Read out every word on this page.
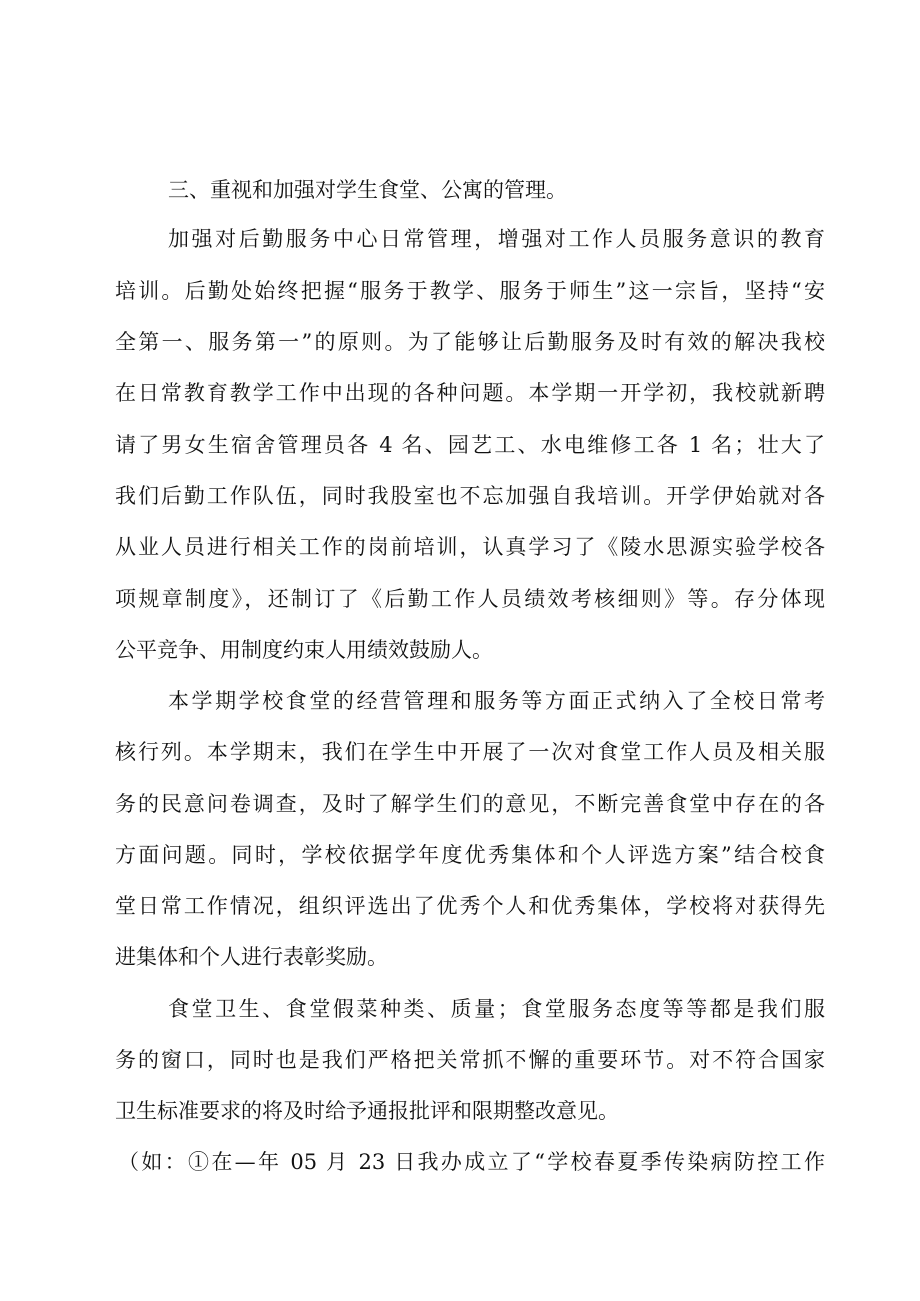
三、重视和加强对学生食堂、公寓的管理。
加强对后勤服务中心日常管理，增强对工作人员服务意识的教育
培训。后勤处始终把握“服务于教学、服务于师生”这一宗旨，坚持“安
全第一、服务第一”的原则。为了能够让后勤服务及时有效的解决我校
在日常教育教学工作中出现的各种问题。本学期一开学初，我校就新聘
请了男女生宿舍管理员各 4 名、园艺工、水电维修工各 1 名；壮大了
我们后勤工作队伍，同时我股室也不忘加强自我培训。开学伊始就对各
从业人员进行相关工作的岗前培训，认真学习了《陵水思源实验学校各
项规章制度》，还制订了《后勤工作人员绩效考核细则》等。存分体现
公平竞争、用制度约束人用绩效鼓励人。
本学期学校食堂的经营管理和服务等方面正式纳入了全校日常考
核行列。本学期末，我们在学生中开展了一次对食堂工作人员及相关服
务的民意问卷调查，及时了解学生们的意见，不断完善食堂中存在的各
方面问题。同时，学校依据学年度优秀集体和个人评选方案”结合校食
堂日常工作情况，组织评选出了优秀个人和优秀集体，学校将对获得先
进集体和个人进行表彰奖励。
食堂卫生、食堂假菜种类、质量；食堂服务态度等等都是我们服
务的窗口，同时也是我们严格把关常抓不懈的重要环节。对不符合国家
卫生标准要求的将及时给予通报批评和限期整改意见。
（如：①在—年 05 月 23 日我办成立了“学校春夏季传染病防控工作
